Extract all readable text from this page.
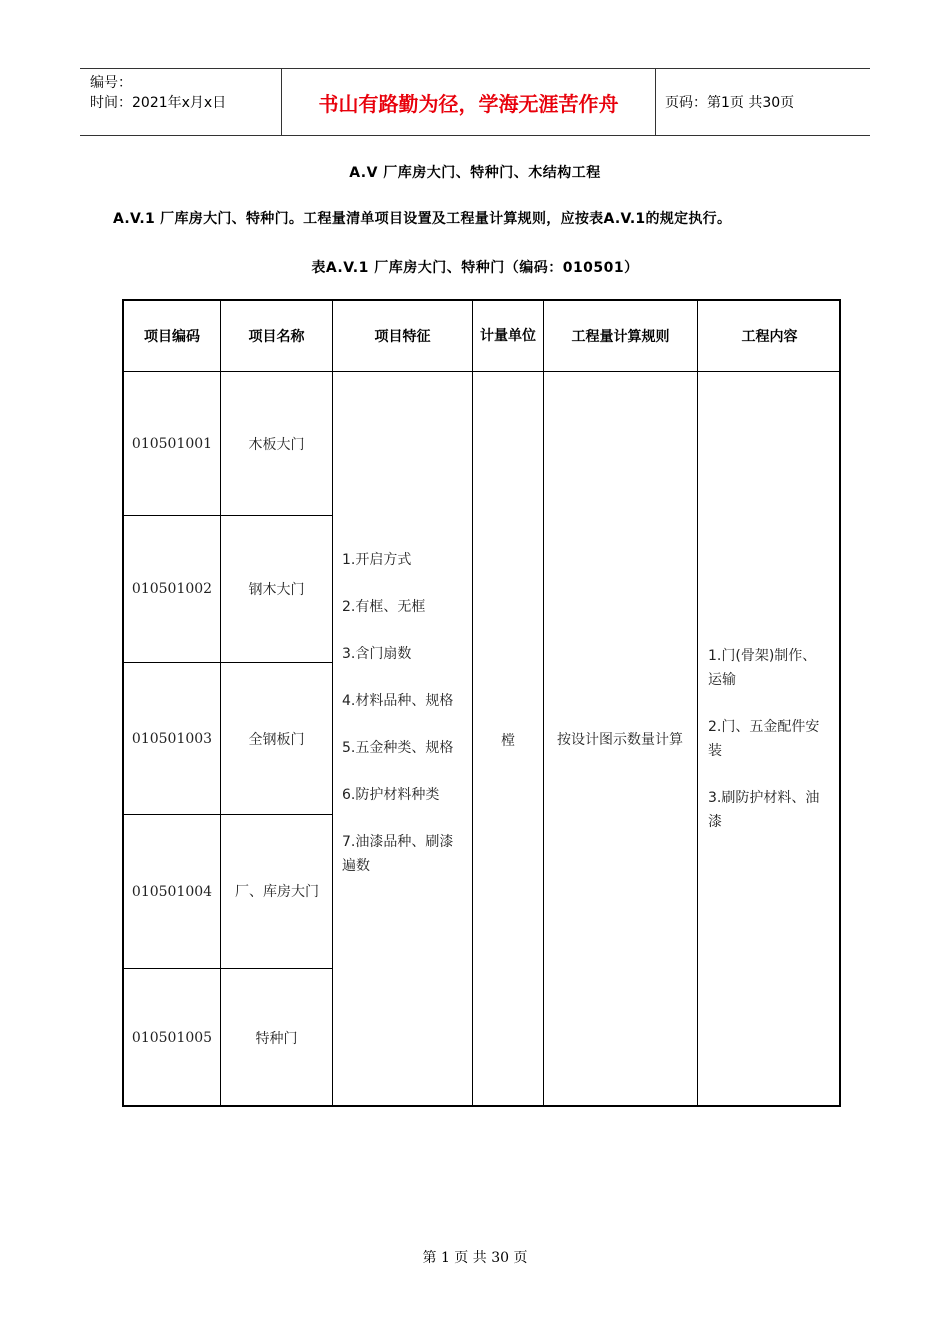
编号：
时间：2021年x月x日	书山有路勤为径，学海无涯苦作舟	页码：第1页 共30页
A.V 厂库房大门、特种门、木结构工程
A.V.1 厂库房大门、特种门。工程量清单项目设置及工程量计算规则，应按表A.V.1的规定执行。
表A.V.1 厂库房大门、特种门（编码：010501）
项目编码	项目名称	项目特征	计量单位	工程量计算规则	工程内容
010501001	木板大门
010501002	钢木大门
010501003	全钢板门
010501004	厂、库房大门
010501005	特种门
1.开启方式
2.有框、无框
3.含门扇数
4.材料品种、规格
5.五金种类、规格
6.防护材料种类
7.油漆品种、刷漆遍数
樘	按设计图示数量计算
1.门(骨架)制作、运输
2.门、五金配件安装
3.刷防护材料、油漆
第 1 页 共 30 页
